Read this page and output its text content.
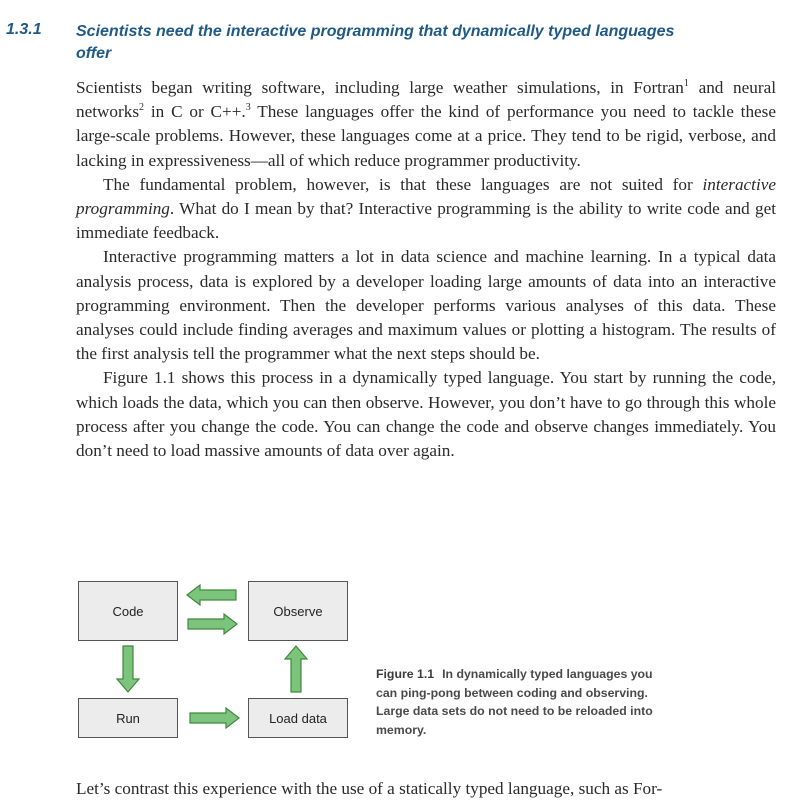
1.3.1 Scientists need the interactive programming that dynamically typed languages offer

Scientists began writing software, including large weather simulations, in Fortran$^1$ and neural networks$^2$ in C or C++.$^3$ These languages offer the kind of performance you need to tackle these large-scale problems. However, these languages come at a price. They tend to be rigid, verbose, and lacking in expressiveness—all of which reduce programmer productivity.

The fundamental problem, however, is that these languages are not suited for interactive programming. What do I mean by that? Interactive programming is the ability to write code and get immediate feedback.

Interactive programming matters a lot in data science and machine learning. In a typical data analysis process, data is explored by a developer loading large amounts of data into an interactive programming environment. Then the developer performs various analyses of this data. These analyses could include finding averages and maximum values or plotting a histogram. The results of the first analysis tell the programmer what the next steps should be.

Figure 1.1 shows this process in a dynamically typed language. You start by running the code, which loads the data, which you can then observe. However, you don’t have to go through this whole process after you change the code. You can change the code and observe changes immediately. You don’t need to load massive amounts of data over again.

Code	Observe
Run	Load data
Figure 1.1 In dynamically typed languages you can ping-pong between coding and observing. Large data sets do not need to be reloaded into memory.
Let’s contrast this experience with the use of a statically typed language, such as For-
